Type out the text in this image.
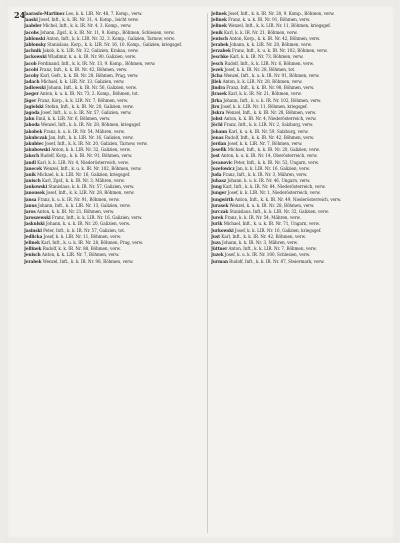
24
Jaaraslo-Martinez Leo, k. k. LIR. Nr. 48, 7. Komp., verw.
Jaaski Josef, Inft., k. k. IR. Nr. 31, 4. Komp., leicht verw.
Jaabder Michel, Inft., k. k. IR. Nr. 4, 3. Komp., verw.
Jacobs Johann, Zgsf., k. k. IR. Nr. 11, 9. Komp., Böhmen, Schlesien, verw.
Jablonski Anton, Inft., k. k. LIR. Nr. 32, 3. Komp., Galizien, Tarnow, verw.
Jablonsky Stanislaus, Korp., k. k. LIR. Nr. 16, 10. Komp., Galizien, kriegsgef.
Jachnik Jakob, k. k. LIR. Nr. 32, Galizien, Krakau, verw.
Jackowski Wladimir, k. u. k. IR. Nr. 90, Galizien, verw.
Jacob Ferdinand, Inft., k. k. IR. Nr. 13, 9. Komp., Böhmen, verw.
Jacobi Franz, Inft., k. k. IR. Nr. 42, Böhmen, verw.
Jacoby Karl, Gefr., k. k. IR. Nr. 28, Böhmen, Prag, verw.
Jadach Michael, k. k. LIR. Nr. 13, Galizien, verw.
Jadlowski Johann, Inft., k. k. IR. Nr. 56, Galizien, verw.
Jaeger Anton, k. u. k. IR. Nr. 73, 2. Komp., Böhmen, tot.
Jäger Franz, Korp., k. k. LIR. Nr. 7, Böhmen, verw.
Jagielski Stefan, Inft., k. k. IR. Nr. 20, Galizien, verw.
Jagoda Josef, Inft., k. u. k. IR. Nr. 57, Galizien, verw.
Jahn Emil, k. k. LIR. Nr. 6, Böhmen, verw.
Jahoda Wenzel, Inft., k. k. IR. Nr. 28, Böhmen, kriegsgef.
Jakobek Franz, k. u. k. IR. Nr. 54, Mähren, verw.
Jakubczak Jan, Inft., k. k. LIR. Nr. 16, Galizien, verw.
Jakubiec Josef, Inft., k. k. IR. Nr. 20, Galizien, Tarnow, verw.
Jakubowski Anton, k. k. LIR. Nr. 32, Galizien, verw.
Jaksch Rudolf, Korp., k. k. IR. Nr. 91, Böhmen, verw.
Jandl Karl, k. k. LIR. Nr. 4, Niederösterreich, verw.
Janecek Wenzel, Inft., k. u. k. IR. Nr. 102, Böhmen, verw.
Janik Michael, k. k. LIR. Nr. 16, Galizien, kriegsgef.
Janisch Karl, Zgsf., k. k. IR. Nr. 3, Mähren, verw.
Jankowski Stanislaus, k. k. IR. Nr. 57, Galizien, verw.
Janousek Josef, Inft., k. k. LIR. Nr. 28, Böhmen, verw.
Jansa Franz, k. u. k. IR. Nr. 91, Böhmen, verw.
Janus Johann, Inft., k. k. LIR. Nr. 13, Galizien, verw.
Jaros Anton, k. k. IR. Nr. 21, Böhmen, verw.
Jaroszewski Franz, Inft., k. k. LIR. Nr. 16, Galizien, verw.
Jaskulski Johann, k. u. k. IR. Nr. 20, Galizien, verw.
Jasinski Peter, Inft., k. k. IR. Nr. 57, Galizien, tot.
Jedlicka Josef, k. k. LIR. Nr. 11, Böhmen, verw.
Jelinek Karl, Inft., k. u. k. IR. Nr. 28, Böhmen, Prag, verw.
Jellinek Rudolf, k. k. IR. Nr. 88, Böhmen, verw.
Jenisch Anton, k. k. LIR. Nr. 7, Böhmen, verw.
Jerabek Wenzel, Inft., k. k. IR. Nr. 98, Böhmen, verw.
Jelinek Josef, Inft., k. k. IR. Nr. 28, 9. Komp., Böhmen, verw.
Jelinek Franz, k. u. k. IR. Nr. 91, Böhmen, verw.
Jelinek Wenzel, Inft., k. k. LIR. Nr. 11, Böhmen, kriegsgef.
Jenik Karl, k. k. IR. Nr. 21, Böhmen, verw.
Jentsch Anton, Korp., k. k. IR. Nr. 42, Böhmen, verw.
Jerabek Johann, k. k. LIR. Nr. 28, Böhmen, verw.
Jerzabek Franz, Inft., k. u. k. IR. Nr. 102, Böhmen, verw.
Jeschke Karl, k. k. IR. Nr. 73, Böhmen, verw.
Jesch Rudolf, Inft., k. k. LIR. Nr. 6, Böhmen, verw.
Jezek Josef, k. k. IR. Nr. 28, Böhmen, tot.
Jicha Wenzel, Inft., k. u. k. IR. Nr. 91, Böhmen, verw.
Jilek Anton, k. k. LIR. Nr. 28, Böhmen, verw.
Jindra Franz, Inft., k. k. IR. Nr. 98, Böhmen, verw.
Jirasek Karl, k. k. IR. Nr. 21, Böhmen, verw.
Jirka Johann, Inft., k. u. k. IR. Nr. 102, Böhmen, verw.
Jiru Josef, k. k. LIR. Nr. 11, Böhmen, kriegsgef.
Jiskra Wenzel, Inft., k. k. IR. Nr. 28, Böhmen, verw.
Jobst Anton, k. k. IR. Nr. 4, Niederösterreich, verw.
Jöchl Franz, Inft., k. k. LIR. Nr. 2, Salzburg, verw.
Johann Karl, k. u. k. IR. Nr. 59, Salzburg, verw.
Jonas Rudolf, Inft., k. k. IR. Nr. 42, Böhmen, verw.
Jordan Josef, k. k. LIR. Nr. 7, Böhmen, verw.
Josefik Michael, Inft., k. k. IR. Nr. 20, Galizien, verw.
Jost Anton, k. u. k. IR. Nr. 14, Oberösterreich, verw.
Jovanovic Peter, Inft., k. k. IR. Nr. 52, Ungarn, verw.
Jozefowicz Jan, k. k. LIR. Nr. 16, Galizien, verw.
Juda Franz, Inft., k. k. IR. Nr. 3, Mähren, verw.
Juhasz Johann, k. u. k. IR. Nr. 46, Ungarn, verw.
Jung Karl, Inft., k. k. IR. Nr. 84, Niederösterreich, verw.
Junger Josef, k. k. LIR. Nr. 1, Niederösterreich, verw.
Jungwirth Anton, Inft., k. k. IR. Nr. 49, Niederösterreich, verw.
Jurasek Wenzel, k. u. k. IR. Nr. 28, Böhmen, verw.
Jurczak Stanislaus, Inft., k. k. LIR. Nr. 32, Galizien, verw.
Jurek Franz, k. k. IR. Nr. 54, Mähren, verw.
Jurik Michael, Inft., k. u. k. IR. Nr. 71, Ungarn, verw.
Jurkowski Josef, k. k. LIR. Nr. 16, Galizien, kriegsgef.
Just Karl, Inft., k. k. IR. Nr. 42, Böhmen, verw.
Juza Johann, k. k. IR. Nr. 3, Mähren, verw.
Jüttner Anton, Inft., k. k. LIR. Nr. 7, Böhmen, verw.
Juzek Josef, k. u. k. IR. Nr. 100, Schlesien, verw.
Jurman Rudolf, Inft., k. k. IR. Nr. 87, Steiermark, verw.
